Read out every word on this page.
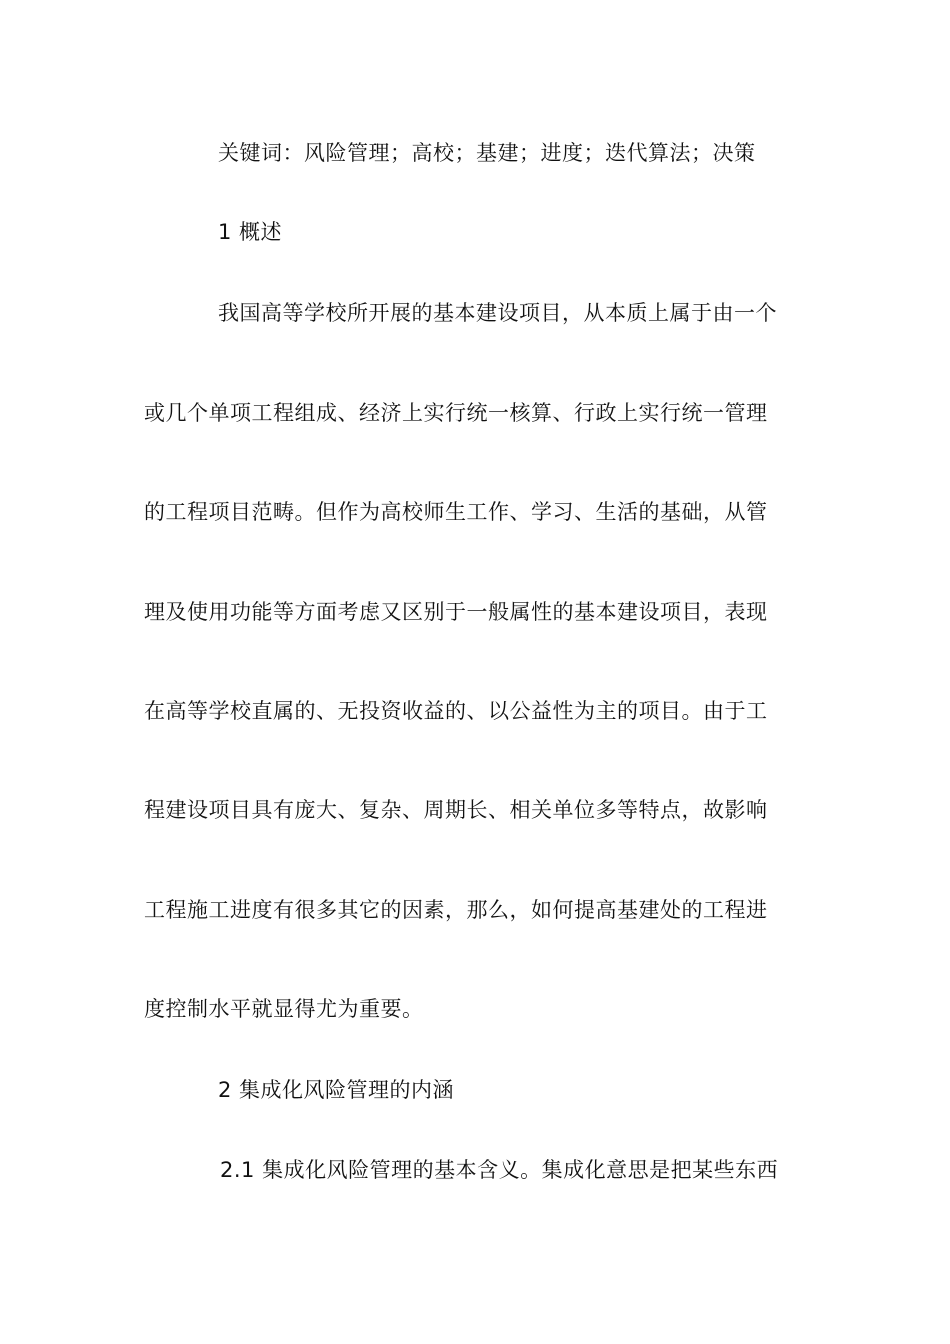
关键词：风险管理；高校；基建；进度；迭代算法；决策
1 概述
我国高等学校所开展的基本建设项目，从本质上属于由一个
或几个单项工程组成、经济上实行统一核算、行政上实行统一管理
的工程项目范畴。但作为高校师生工作、学习、生活的基础，从管
理及使用功能等方面考虑又区别于一般属性的基本建设项目，表现
在高等学校直属的、无投资收益的、以公益性为主的项目。由于工
程建设项目具有庞大、复杂、周期长、相关单位多等特点，故影响
工程施工进度有很多其它的因素，那么，如何提高基建处的工程进
度控制水平就显得尤为重要。
2 集成化风险管理的内涵
2.1 集成化风险管理的基本含义。集成化意思是把某些东西
